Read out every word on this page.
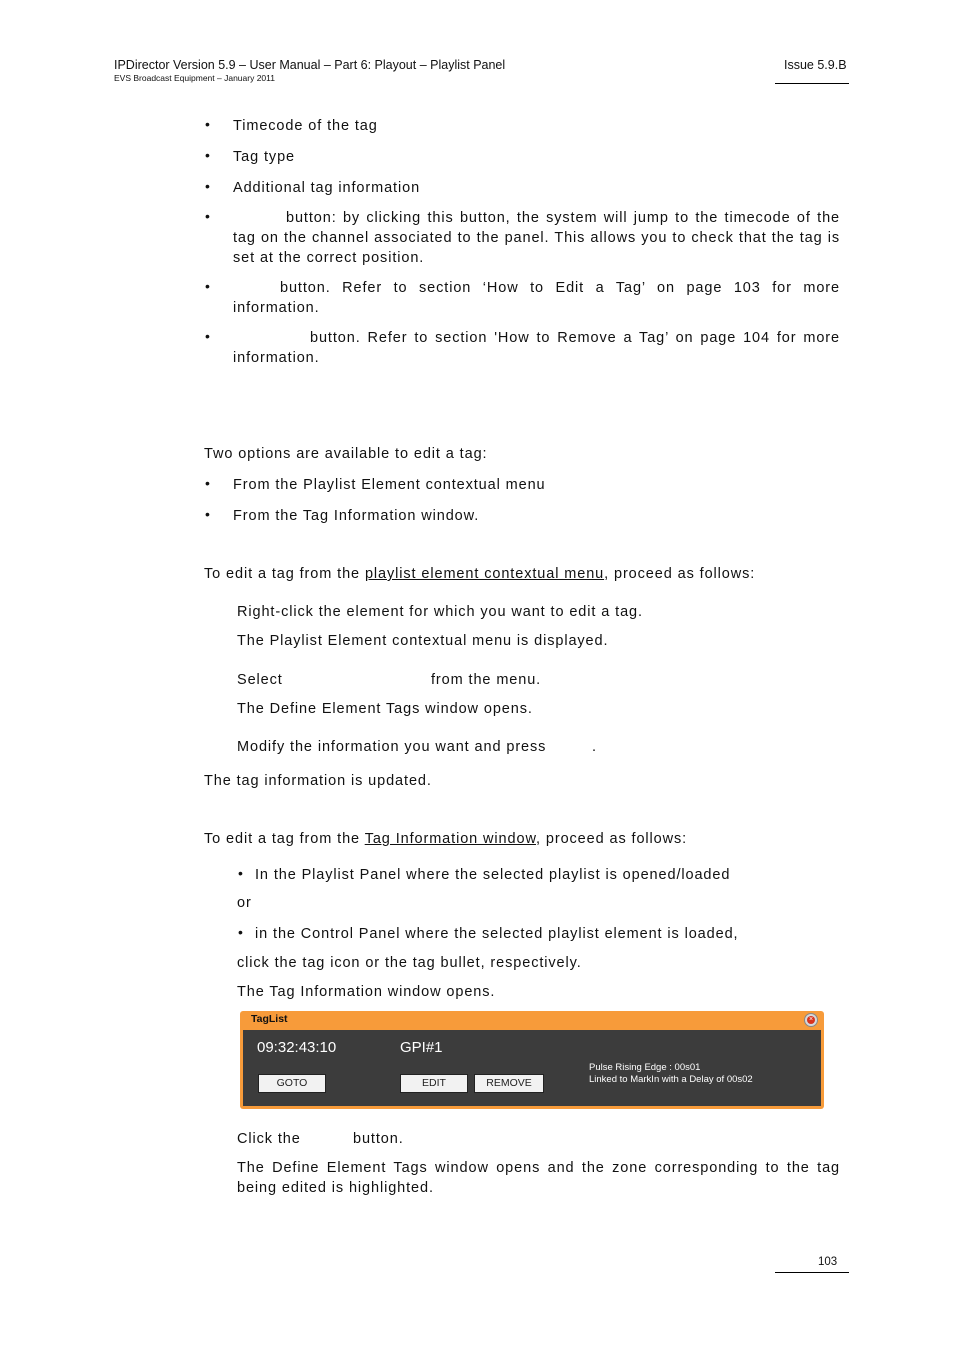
IPDirector Version 5.9 – User Manual – Part 6: Playout – Playlist Panel
EVS Broadcast Equipment – January 2011
Issue 5.9.B
• Timecode of the tag
• Tag type
• Additional tag information
•	button: by clicking this button, the system will jump to the timecode of the tag on the channel associated to the panel. This allows you to check that the tag is set at the correct position.
•	button. Refer to section ‘How to Edit a Tag’ on page 103 for more information.
•	button. Refer to section 'How to Remove a Tag’ on page 104 for more information.
Two options are available to edit a tag:
• From the Playlist Element contextual menu
• From the Tag Information window.
To edit a tag from the playlist element contextual menu, proceed as follows:
Right-click the element for which you want to edit a tag.
The Playlist Element contextual menu is displayed.
Select	from the menu.
The Define Element Tags window opens.
Modify the information you want and press	.
The tag information is updated.
To edit a tag from the Tag Information window, proceed as follows:
• In the Playlist Panel where the selected playlist is opened/loaded
or
• in the Control Panel where the selected playlist element is loaded,
click the tag icon or the tag bullet, respectively.
The Tag Information window opens.
TagList	×
09:32:43:10	GPI#1
Pulse Rising Edge : 00s01
Linked to MarkIn with a Delay of 00s02
GOTO	EDIT	REMOVE
Click the	button.
The Define Element Tags window opens and the zone corresponding to the tag being edited is highlighted.
103
